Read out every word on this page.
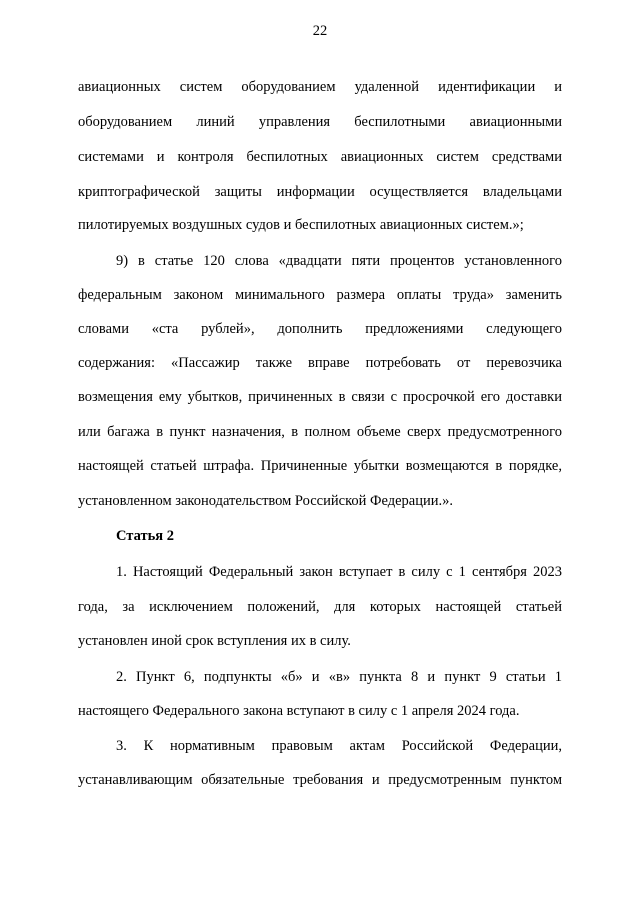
22
авиационных систем оборудованием удаленной идентификации и
оборудованием линий управления беспилотными авиационными
системами и контроля беспилотных авиационных систем средствами
криптографической защиты информации осуществляется владельцами
пилотируемых воздушных судов и беспилотных авиационных систем.»;
9) в статье 120 слова «двадцати пяти процентов установленного
федеральным законом минимального размера оплаты труда» заменить
словами «ста рублей», дополнить предложениями следующего
содержания: «Пассажир также вправе потребовать от перевозчика
возмещения ему убытков, причиненных в связи с просрочкой его доставки
или багажа в пункт назначения, в полном объеме сверх предусмотренного
настоящей статьей штрафа. Причиненные убытки возмещаются в порядке,
установленном законодательством Российской Федерации.».
Статья 2
1. Настоящий Федеральный закон вступает в силу с 1 сентября 2023
года, за исключением положений, для которых настоящей статьей
установлен иной срок вступления их в силу.
2. Пункт 6, подпункты «б» и «в» пункта 8 и пункт 9 статьи 1
настоящего Федерального закона вступают в силу с 1 апреля 2024 года.
3. К нормативным правовым актам Российской Федерации,
устанавливающим обязательные требования и предусмотренным пунктом
